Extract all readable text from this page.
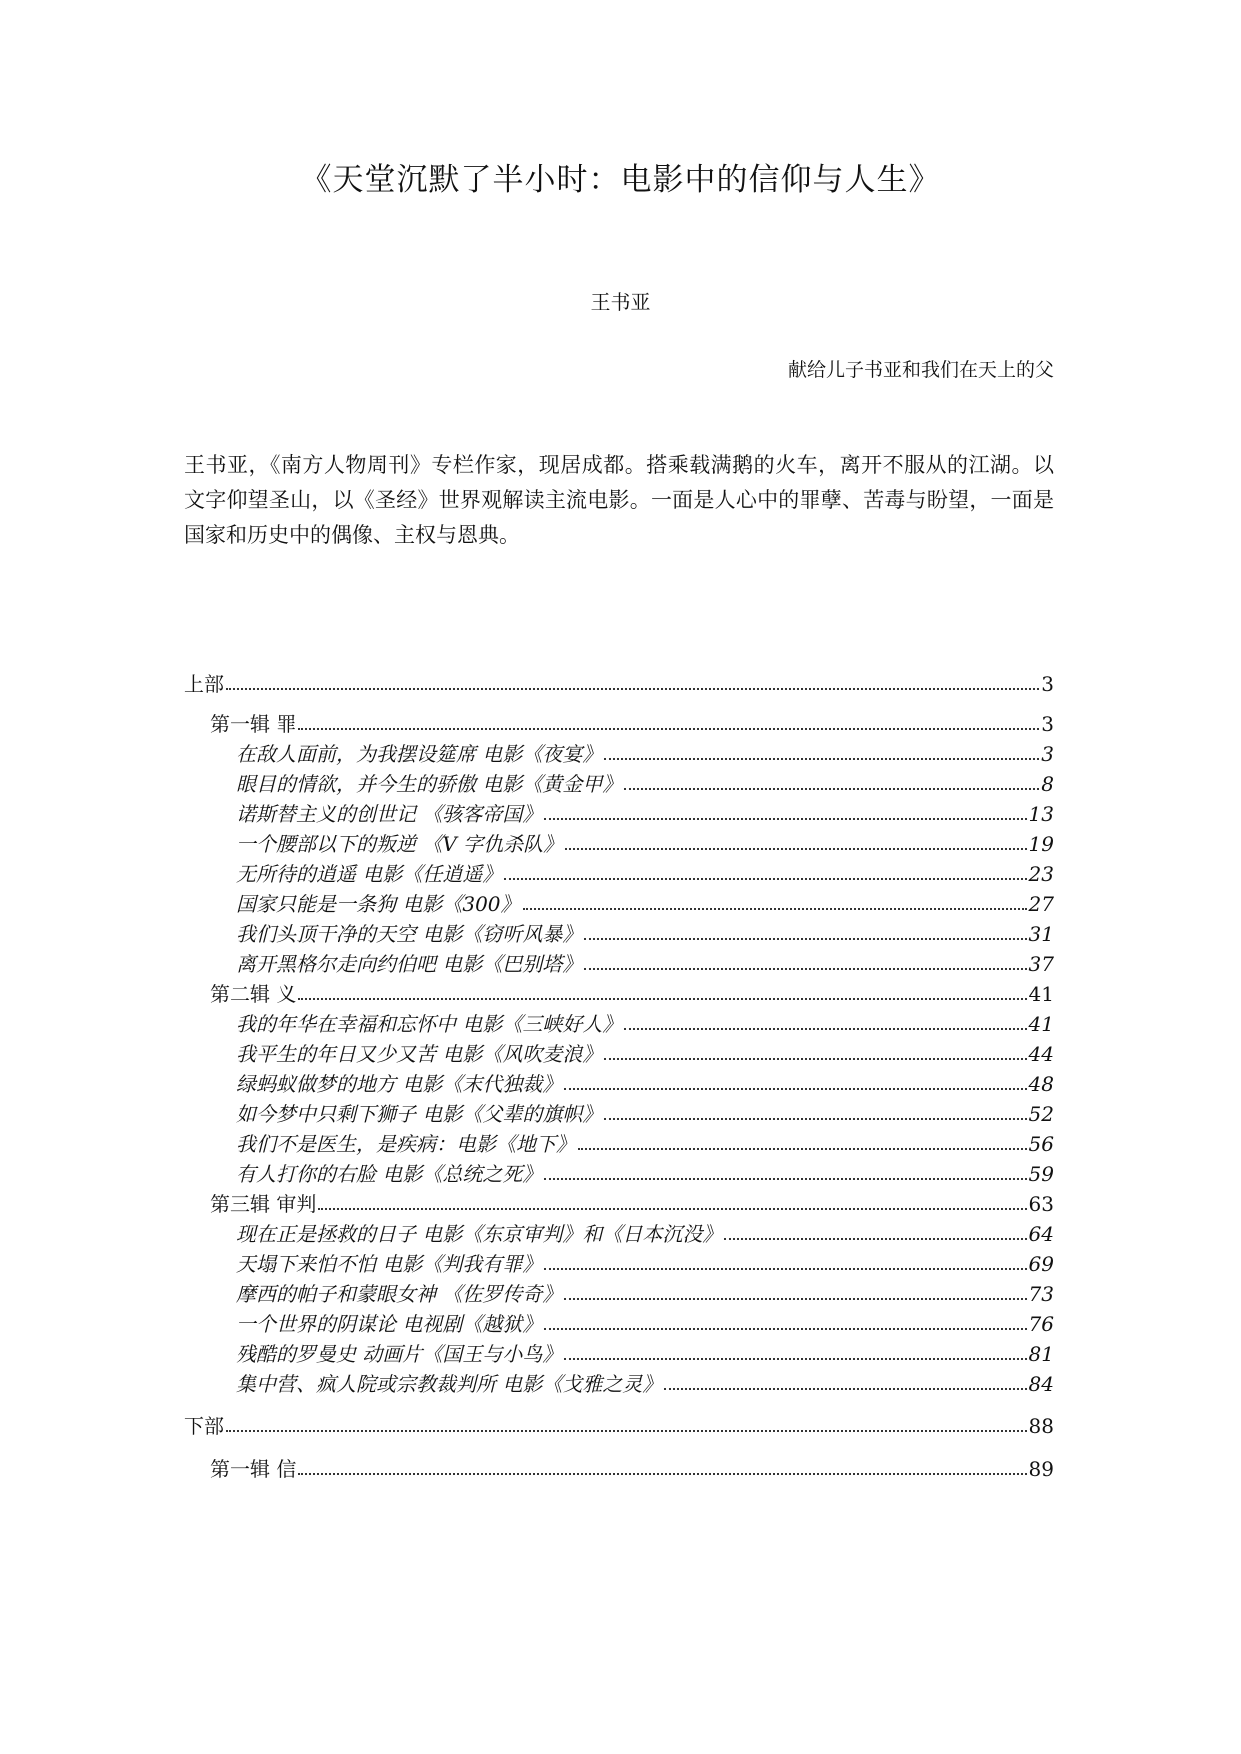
《天堂沉默了半小时：电影中的信仰与人生》
王书亚
献给儿子书亚和我们在天上的父

王书亚，《南方人物周刊》专栏作家，现居成都。搭乘载满鹅的火车，离开不服从的江湖。以文字仰望圣山，以《圣经》世界观解读主流电影。一面是人心中的罪孽、苦毒与盼望，一面是国家和历史中的偶像、主权与恩典。

上部	3
第一辑 罪	3
在敌人面前，为我摆设筵席 电影《夜宴》	3
眼目的情欲，并今生的骄傲 电影《黄金甲》	8
诺斯替主义的创世记 《骇客帝国》	13
一个腰部以下的叛逆 《V 字仇杀队》	19
无所待的逍遥 电影《任逍遥》	23
国家只能是一条狗 电影《300》	27
我们头顶干净的天空 电影《窃听风暴》	31
离开黑格尔走向约伯吧 电影《巴别塔》	37
第二辑 义	41
我的年华在幸福和忘怀中 电影《三峡好人》	41
我平生的年日又少又苦 电影《风吹麦浪》	44
绿蚂蚁做梦的地方 电影《末代独裁》	48
如今梦中只剩下狮子 电影《父辈的旗帜》	52
我们不是医生，是疾病：电影《地下》	56
有人打你的右脸 电影《总统之死》	59
第三辑 审判	63
现在正是拯救的日子 电影《东京审判》和《日本沉没》	64
天塌下来怕不怕 电影《判我有罪》	69
摩西的帕子和蒙眼女神 《佐罗传奇》	73
一个世界的阴谋论 电视剧《越狱》	76
残酷的罗曼史 动画片《国王与小鸟》	81
集中营、疯人院或宗教裁判所 电影《戈雅之灵》	84
下部	88
第一辑 信	89
